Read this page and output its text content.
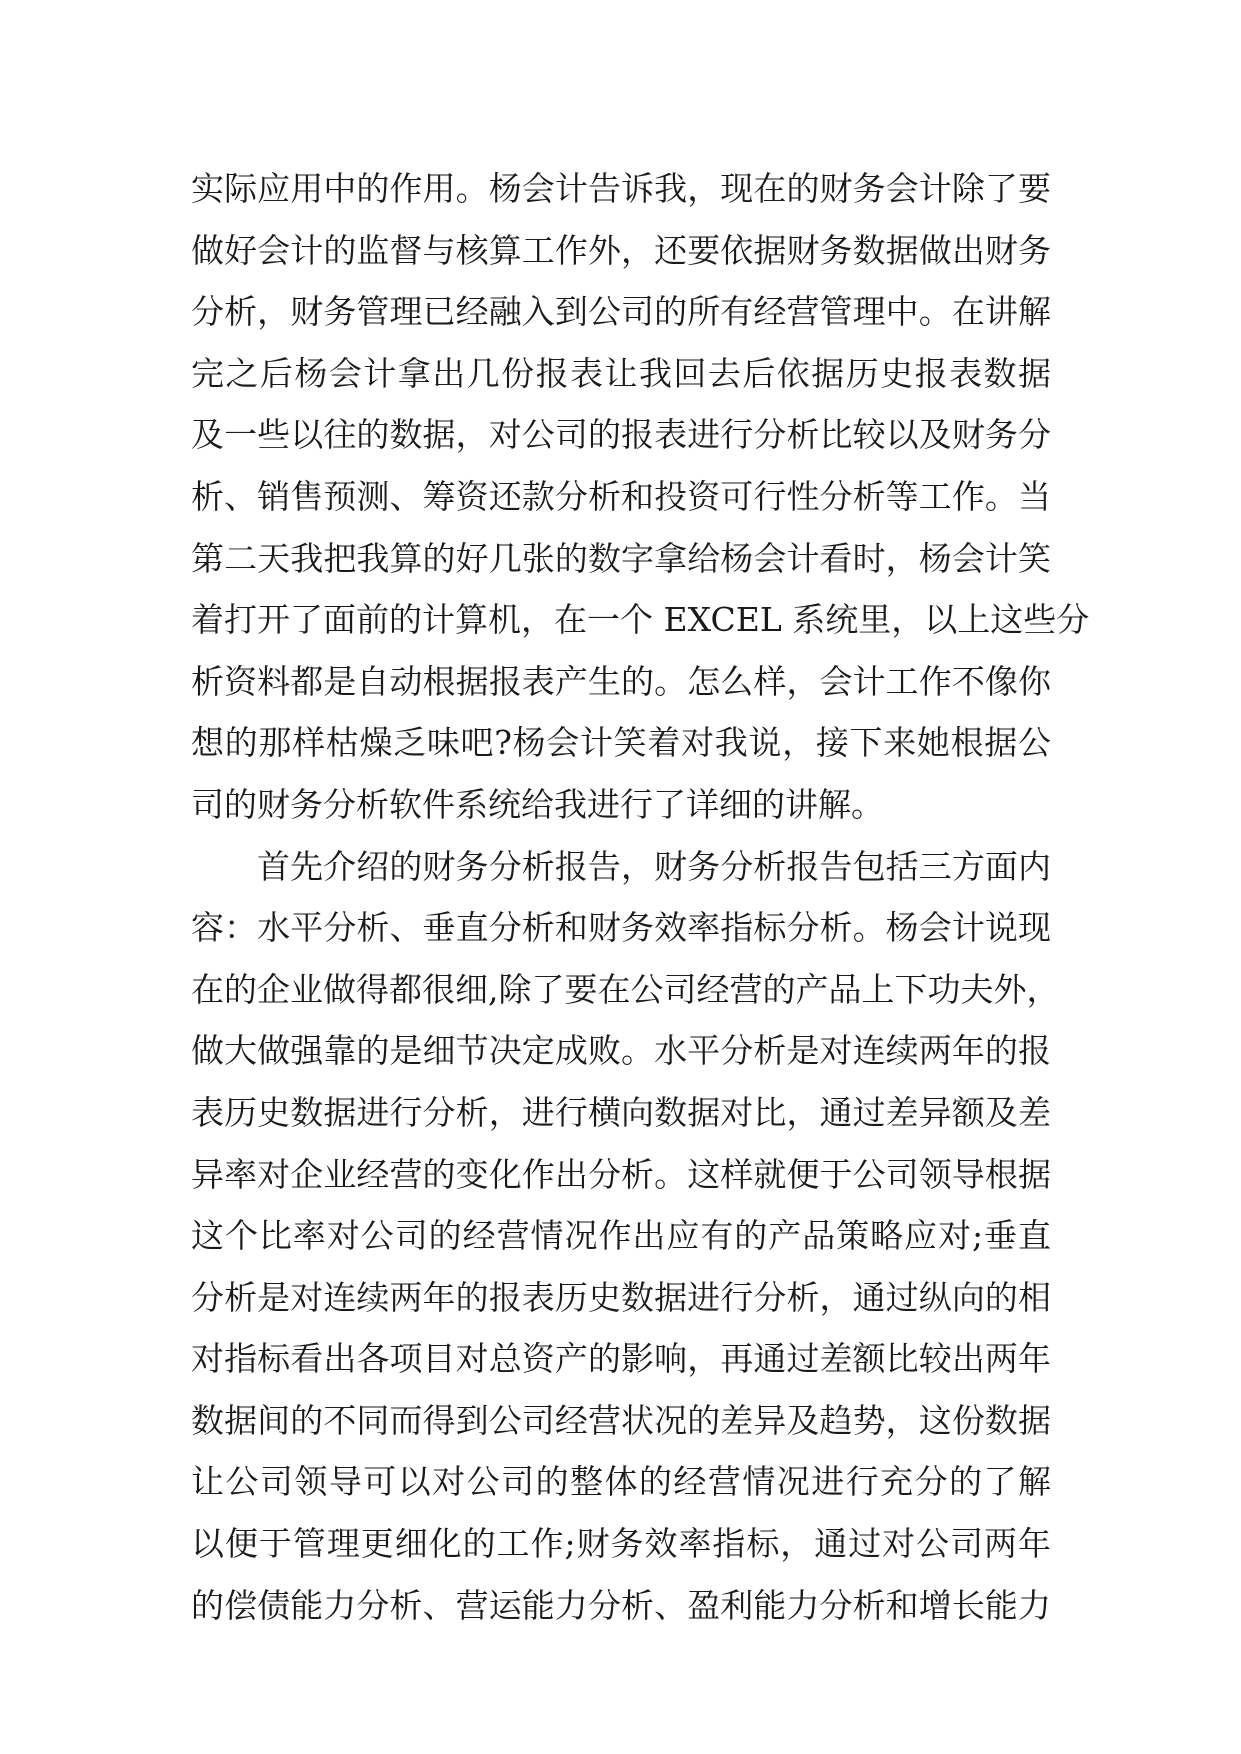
实际应用中的作用。杨会计告诉我，现在的财务会计除了要
做好会计的监督与核算工作外，还要依据财务数据做出财务
分析，财务管理已经融入到公司的所有经营管理中。在讲解
完之后杨会计拿出几份报表让我回去后依据历史报表数据
及一些以往的数据，对公司的报表进行分析比较以及财务分
析、销售预测、筹资还款分析和投资可行性分析等工作。当
第二天我把我算的好几张的数字拿给杨会计看时，杨会计笑
着打开了面前的计算机，在一个 EXCEL 系统里，以上这些分
析资料都是自动根据报表产生的。怎么样，会计工作不像你
想的那样枯燥乏味吧?杨会计笑着对我说，接下来她根据公
司的财务分析软件系统给我进行了详细的讲解。
首先介绍的财务分析报告，财务分析报告包括三方面内
容：水平分析、垂直分析和财务效率指标分析。杨会计说现
在的企业做得都很细,除了要在公司经营的产品上下功夫外，
做大做强靠的是细节决定成败。水平分析是对连续两年的报
表历史数据进行分析，进行横向数据对比，通过差异额及差
异率对企业经营的变化作出分析。这样就便于公司领导根据
这个比率对公司的经营情况作出应有的产品策略应对;垂直
分析是对连续两年的报表历史数据进行分析，通过纵向的相
对指标看出各项目对总资产的影响，再通过差额比较出两年
数据间的不同而得到公司经营状况的差异及趋势，这份数据
让公司领导可以对公司的整体的经营情况进行充分的了解
以便于管理更细化的工作;财务效率指标，通过对公司两年
的偿债能力分析、营运能力分析、盈利能力分析和增长能力
